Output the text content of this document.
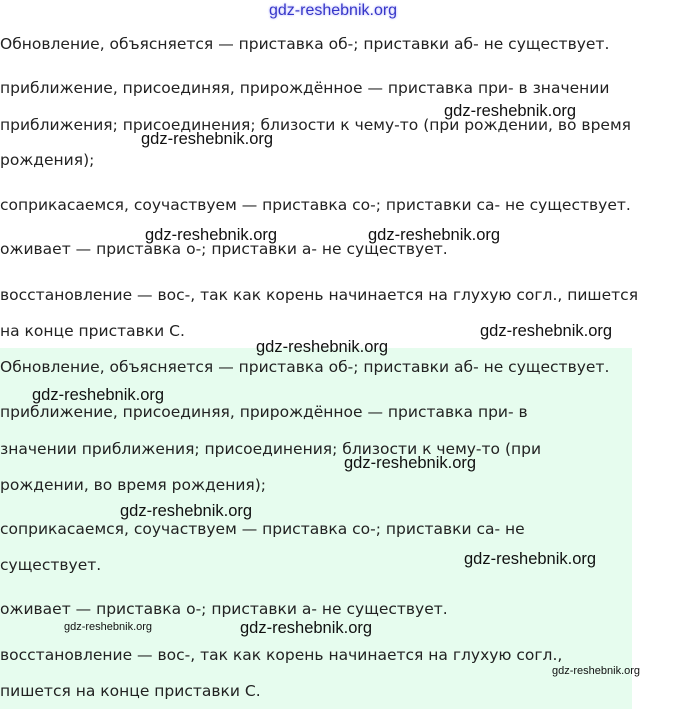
Обновление, объясняется — приставка об-; приставки аб- не существует.

приближение, присоединяя, прирождённое — приставка при- в значении

приближения; присоединения; близости к чему-то (при рождении, во время

рождения);

соприкасаемся, соучаствуем — приставка со-; приставки са- не существует.

оживает — приставка о-; приставки а- не существует.

восстановление — вос-, так как корень начинается на глухую согл., пишется

на конце приставки С.

Обновление, объясняется — приставка об-; приставки аб- не существует.

приближение, присоединяя, прирождённое — приставка при- в

значении приближения; присоединения; близости к чему-то (при

рождении, во время рождения);

соприкасаемся, соучаствуем — приставка со-; приставки са- не

существует.

оживает — приставка о-; приставки а- не существует.

восстановление — вос-, так как корень начинается на глухую согл.,

пишется на конце приставки С.

gdz-reshebnik.org
gdz-reshebnik.org
gdz-reshebnik.org
gdz-reshebnik.org	gdz-reshebnik.org
gdz-reshebnik.org
gdz-reshebnik.org
gdz-reshebnik.org
gdz-reshebnik.org
gdz-reshebnik.org
gdz-reshebnik.org
gdz-reshebnik.org	gdz-reshebnik.org
gdz-reshebnik.org
